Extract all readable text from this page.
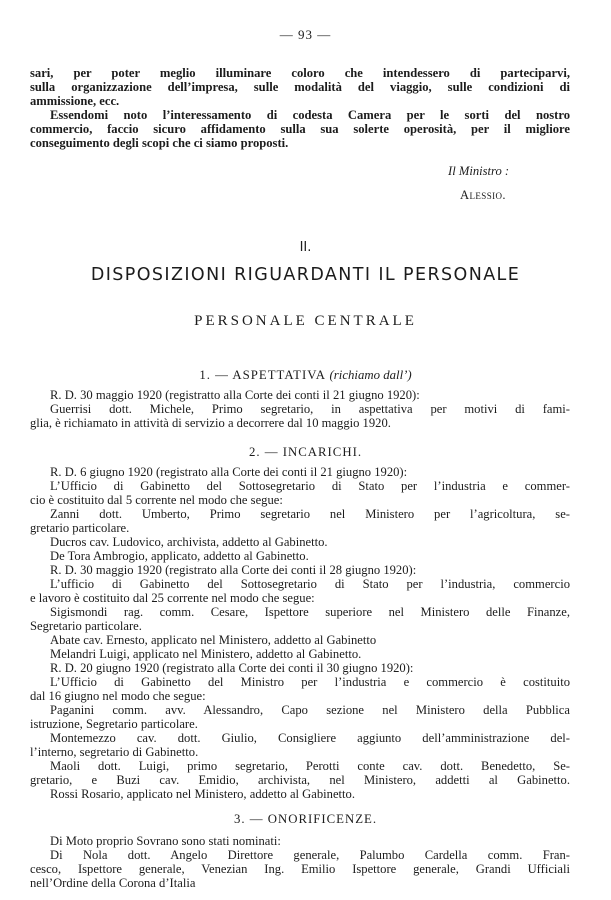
— 93 —
sari, per poter meglio illuminare coloro che intendessero di parteciparvi,
sulla organizzazione dell’impresa, sulle modalità del viaggio, sulle condizioni di
ammissione, ecc.
Essendomi noto l’interessamento di codesta Camera per le sorti del nostro
commercio, faccio sicuro affidamento sulla sua solerte operosità, per il migliore
conseguimento degli scopi che ci siamo proposti.
Il Ministro :
Alessio.
II.
DISPOSIZIONI RIGUARDANTI IL PERSONALE
PERSONALE CENTRALE
1. — ASPETTATIVA (richiamo dall’)
R. D. 30 maggio 1920 (registratto alla Corte dei conti il 21 giugno 1920):
Guerrisi dott. Michele, Primo segretario, in aspettativa per motivi di fami-
glia, è richiamato in attività di servizio a decorrere dal 10 maggio 1920.
2. — INCARICHI.
R. D. 6 giugno 1920 (registrato alla Corte dei conti il 21 giugno 1920):
L’Ufficio di Gabinetto del Sottosegretario di Stato per l’industria e commer-
cio è costituito dal 5 corrente nel modo che segue:
Zanni dott. Umberto, Primo segretario nel Ministero per l’agricoltura, se-
gretario particolare.
Ducros cav. Ludovico, archivista, addetto al Gabinetto.
De Tora Ambrogio, applicato, addetto al Gabinetto.
R. D. 30 maggio 1920 (registrato alla Corte dei conti il 28 giugno 1920):
L’ufficio di Gabinetto del Sottosegretario di Stato per l’industria, commercio
e lavoro è costituito dal 25 corrente nel modo che segue:
Sigismondi rag. comm. Cesare, Ispettore superiore nel Ministero delle Finanze,
Segretario particolare.
Abate cav. Ernesto, applicato nel Ministero, addetto al Gabinetto
Melandri Luigi, applicato nel Ministero, addetto al Gabinetto.
R. D. 20 giugno 1920 (registrato alla Corte dei conti il 30 giugno 1920):
L’Ufficio di Gabinetto del Ministro per l’industria e commercio è costituito
dal 16 giugno nel modo che segue:
Paganini comm. avv. Alessandro, Capo sezione nel Ministero della Pubblica
istruzione, Segretario particolare.
Montemezzo cav. dott. Giulio, Consigliere aggiunto dell’amministrazione del-
l’interno, segretario di Gabinetto.
Maoli dott. Luigi, primo segretario, Perotti conte cav. dott. Benedetto, Se-
gretario, e Buzi cav. Emidio, archivista, nel Ministero, addetti al Gabinetto.
Rossi Rosario, applicato nel Ministero, addetto al Gabinetto.
3. — ONORIFICENZE.
Di Moto proprio Sovrano sono stati nominati:
Di Nola dott. Angelo Direttore generale, Palumbo Cardella comm. Fran-
cesco, Ispettore generale, Venezian Ing. Emilio Ispettore generale, Grandi Ufficiali
nell’Ordine della Corona d’Italia
